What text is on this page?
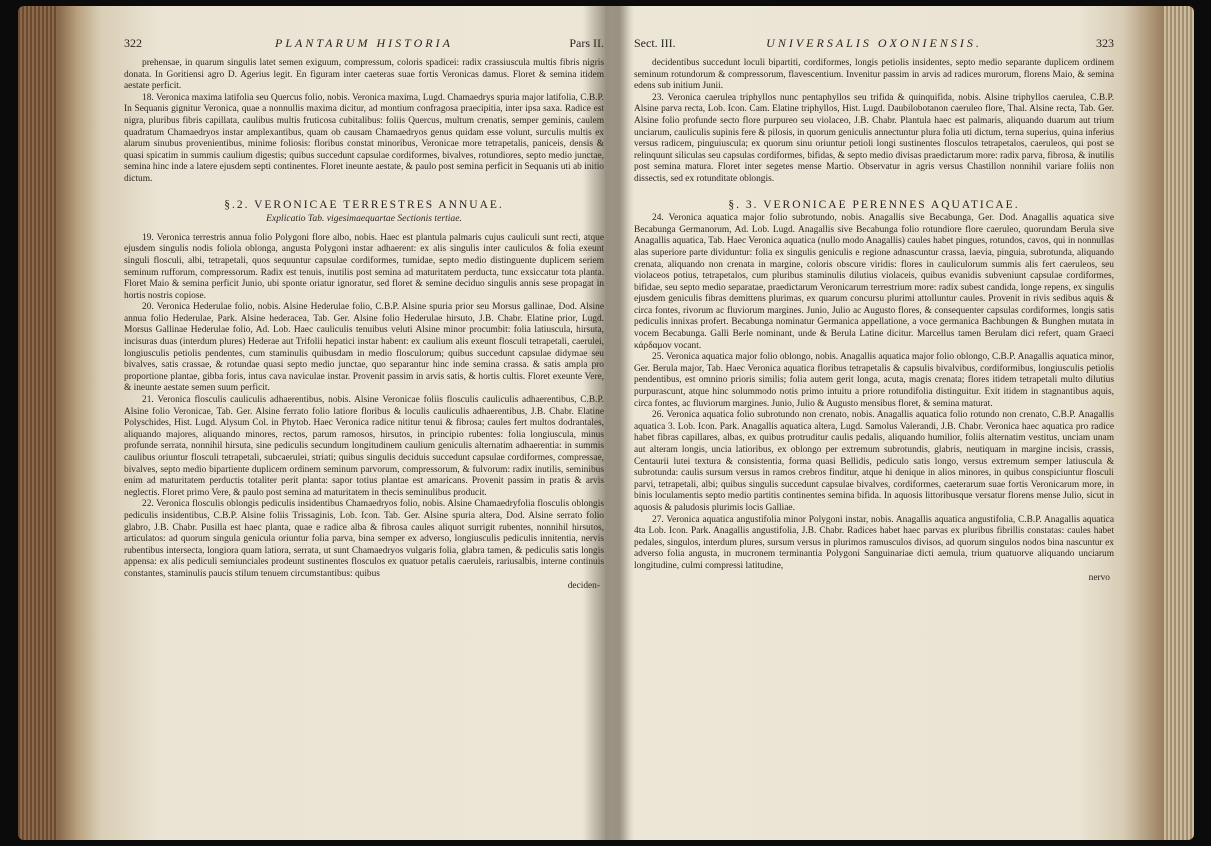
322	PLANTARUM HISTORIA	Pars II.

prehensae, in quarum singulis latet semen exiguum, compressum, coloris spadicei: radix crassiuscula multis fibris nigris donata. In Goritiensi agro D. Agerius legit. En figuram inter caeteras suae fortis Veronicas damus. Floret & semina itidem aestate perficit.

18. Veronica maxima latifolia seu Quercus folio, nobis. Veronica maxima, Lugd. Chamaedrys spuria major latifolia, C.B.P. In Sequanis gignitur Veronica, quae a nonnullis maxima dicitur, ad montium confragosa praecipitia, inter ipsa saxa. Radice est nigra, pluribus fibris capillata, caulibus multis fruticosa cubitalibus: foliis Quercus, multum crenatis, semper geminis, caulem quadratum Chamaedryos instar amplexantibus, quam ob causam Chamaedryos genus quidam esse volunt, surculis multis ex alarum sinubus provenientibus, minime foliosis: floribus constat minoribus, Veronicae more tetrapetalis, paniceis, densis & quasi spicatim in summis caulium digestis; quibus succedunt capsulae cordiformes, bivalves, rotundiores, septo medio junctae, semina hinc inde a latere ejusdem septi continentes. Floret ineunte aestate, & paulo post semina perficit in Sequanis uti ab initio dictum.

§.2. VERONICAE TERRESTRES ANNUAE.
Explicatio Tab. vigesimaequartae Sectionis tertiae.

19. Veronica terrestris annua folio Polygoni flore albo, nobis. Haec est plantula palmaris cujus cauliculi sunt recti, atque ejusdem singulis nodis foliola oblonga, angusta Polygoni instar adhaerent: ex alis singulis inter cauliculos & folia exeunt singuli flosculi, albi, tetrapetali, quos sequuntur capsulae cordiformes, tumidae, septo medio distinguente duplicem seriem seminum rufforum, compressorum. Radix est tenuis, inutilis post semina ad maturitatem perducta, tunc exsiccatur tota planta. Floret Maio & semina perficit Junio, ubi sponte oriatur ignoratur, sed floret & semine deciduo singulis annis sese propagat in hortis nostris copiose.

20. Veronica Hederulae folio, nobis. Alsine Hederulae folio, C.B.P. Alsine spuria prior seu Morsus gallinae, Dod. Alsine annua folio Hederulae, Park. Alsine hederacea, Tab. Ger. Alsine folio Hederulae hirsuto, J.B. Chabr. Elatine prior, Lugd. Morsus Gallinae Hederulae folio, Ad. Lob. Haec cauliculis tenuibus veluti Alsine minor procumbit: folia latiuscula, hirsuta, incisuras duas (interdum plures) Hederae aut Trifolii hepatici instar habent: ex caulium alis exeunt flosculi tetrapetali, caerulei, longiusculis petiolis pendentes, cum staminulis quibusdam in medio flosculorum; quibus succedunt capsulae didymae seu bivalves, satis crassae, & rotundae quasi septo medio junctae, quo separantur hinc inde semina crassa. & satis ampla pro proportione plantae, gibba foris, intus cava naviculae instar. Provenit passim in arvis satis, & hortis cultis. Floret exeunte Vere, & ineunte aestate semen suum perficit.

21. Veronica flosculis cauliculis adhaerentibus, nobis. Alsine Veronicae foliis flosculis cauliculis adhaerentibus, C.B.P. Alsine folio Veronicae, Tab. Ger. Alsine ferrato folio latiore floribus & loculis cauliculis adhaerentibus, J.B. Chabr. Elatine Polyschides, Hist. Lugd. Alysum Col. in Phytob. Haec Veronica radice nititur tenui & fibrosa; caules fert multos dodrantales, aliquando majores, aliquando minores, rectos, parum ramosos, hirsutos, in principio rubentes: folia longiuscula, minus profunde serrata, nonnihil hirsuta, sine pediculis secundum longitudinem caulium geniculis alternatim adhaerentia: in summis caulibus oriuntur flosculi tetrapetali, subcaerulei, striati; quibus singulis deciduis succedunt capsulae cordiformes, compressae, bivalves, septo medio bipartiente duplicem ordinem seminum parvorum, compressorum, & fulvorum: radix inutilis, seminibus enim ad maturitatem perductis totaliter perit planta: sapor totius plantae est amaricans. Provenit passim in pratis & arvis neglectis. Floret primo Vere, & paulo post semina ad maturitatem in thecis seminulibus producit.

22. Veronica flosculis oblongis pediculis insidentibus Chamaedryos folio, nobis. Alsine Chamaedryfolia flosculis oblongis pediculis insidentibus, C.B.P. Alsine foliis Trissaginis, Lob. Icon. Tab. Ger. Alsine spuria altera, Dod. Alsine serrato folio glabro, J.B. Chabr. Pusilla est haec planta, quae e radice alba & fibrosa caules aliquot surrigit rubentes, nonnihil hirsutos, articulatos: ad quorum singula genicula oriuntur folia parva, bina semper ex adverso, longiusculis pediculis innitentia, nervis rubentibus intersecta, longiora quam latiora, serrata, ut sunt Chamaedryos vulgaris folia, glabra tamen, & pediculis satis longis appensa: ex alis pediculi semiunciales prodeunt sustinentes flosculos ex quatuor petalis caeruleis, rariusalbis, interne continuis constantes, staminulis paucis stilum tenuem circumstantibus: quibus

deciden-
Sect. III.	UNIVERSALIS OXONIENSIS.	323

decidentibus succedunt loculi bipartiti, cordiformes, longis petiolis insidentes, septo medio separante duplicem ordinem seminum rotundorum & compressorum, flavescentium. Invenitur passim in arvis ad radices murorum, florens Maio, & semina edens sub initium Junii.

23. Veronica caerulea triphyllos nunc pentaphyllos seu trifida & quinquifida, nobis. Alsine triphyllos caerulea, C.B.P. Alsine parva recta, Lob. Icon. Cam. Elatine triphyllos, Hist. Lugd. Daubilobotanon caeruleo flore, Thal. Alsine recta, Tab. Ger. Alsine folio profunde secto flore purpureo seu violaceo, J.B. Chabr. Plantula haec est palmaris, aliquando duarum aut trium unciarum, cauliculis supinis fere & pilosis, in quorum geniculis annectuntur plura folia uti dictum, terna superius, quina inferius versus radicem, pinguiuscula; ex quorum sinu oriuntur petioli longi sustinentes flosculos tetrapetalos, caeruleos, qui post se relinquunt siliculas seu capsulas cordiformes, bifidas, & septo medio divisas praedictarum more: radix parva, fibrosa, & inutilis post semina matura. Floret inter segetes mense Martio. Observatur in agris versus Chastillon nonnihil variare foliis non dissectis, sed ex rotunditate oblongis.

§. 3. VERONICAE PERENNES AQUATICAE.

24. Veronica aquatica major folio subrotundo, nobis. Anagallis sive Becabunga, Ger. Dod. Anagallis aquatica sive Becabunga Germanorum, Ad. Lob. Lugd. Anagallis sive Becabunga folio rotundiore flore caeruleo, quorundam Berula sive Anagallis aquatica, Tab. Haec Veronica aquatica (nullo modo Anagallis) caules habet pingues, rotundos, cavos, qui in nonnullas alas superiore parte dividuntur: folia ex singulis geniculis e regione adnascuntur crassa, laevia, pinguia, subrotunda, aliquando crenata, aliquando non crenata in margine, coloris obscure viridis: flores in cauliculorum summis alis fert caeruleos, seu violaceos potius, tetrapetalos, cum pluribus staminulis dilutius violaceis, quibus evanidis subveniunt capsulae cordiformes, bifidae, seu septo medio separatae, praedictarum Veronicarum terrestrium more: radix subest candida, longe repens, ex singulis ejusdem geniculis fibras demittens plurimas, ex quarum concursu plurimi attolluntur caules. Provenit in rivis sedibus aquis & circa fontes, rivorum ac fluviorum margines. Junio, Julio ac Augusto flores, & consequenter capsulas cordiformes, longis satis pediculis innixas profert. Becabunga nominatur Germanica appellatione, a voce germanica Bachbungen & Bunghen mutata in vocem Becabunga. Galli Berle nominant, unde & Berula Latine dicitur. Marcellus tamen Berulam dici refert, quam Graeci κάρδαμον vocant.

25. Veronica aquatica major folio oblongo, nobis. Anagallis aquatica major folio oblongo, C.B.P. Anagallis aquatica minor, Ger. Berula major, Tab. Haec Veronica aquatica floribus tetrapetalis & capsulis bivalvibus, cordiformibus, longiusculis petiolis pendentibus, est omnino prioris similis; folia autem gerit longa, acuta, magis crenata; flores itidem tetrapetali multo dilutius purpurascunt, atque hinc solummodo notis primo intuitu a priore rotundifolia distinguitur. Exit itidem in stagnantibus aquis, circa fontes, ac fluviorum margines. Junio, Julio & Augusto mensibus floret, & semina maturat.

26. Veronica aquatica folio subrotundo non crenato, nobis. Anagallis aquatica folio rotundo non crenato, C.B.P. Anagallis aquatica 3. Lob. Icon. Park. Anagallis aquatica altera, Lugd. Samolus Valerandi, J.B. Chabr. Veronica haec aquatica pro radice habet fibras capillares, albas, ex quibus protruditur caulis pedalis, aliquando humilior, foliis alternatim vestitus, unciam unam aut alteram longis, uncia latioribus, ex oblongo per extremum subrotundis, glabris, neutiquam in margine incisis, crassis, Centaurii lutei textura & consistentia, forma quasi Bellidis, pediculo satis longo, versus extremum semper latiuscula & subrotunda: caulis sursum versus in ramos crebros finditur, atque hi denique in alios minores, in quibus conspiciuntur flosculi parvi, tetrapetali, albi; quibus singulis succedunt capsulae bivalves, cordiformes, caeterarum suae fortis Veronicarum more, in binis loculamentis septo medio partitis continentes semina bifida. In aquosis littoribusque versatur florens mense Julio, sicut in aquosis & paludosis plurimis locis Galliae.

27. Veronica aquatica angustifolia minor Polygoni instar, nobis. Anagallis aquatica angustifolia, C.B.P. Anagallis aquatica 4ta Lob. Icon. Park. Anagallis angustifolia, J.B. Chabr. Radices habet haec parvas ex pluribus fibrillis constatas: caules habet pedales, singulos, interdum plures, sursum versus in plurimos ramusculos divisos, ad quorum singulos nodos bina nascuntur ex adverso folia angusta, in mucronem terminantia Polygoni Sanguinariae dicti aemula, trium quatuorve aliquando unciarum longitudine, culmi compressi latitudine,

nervo
